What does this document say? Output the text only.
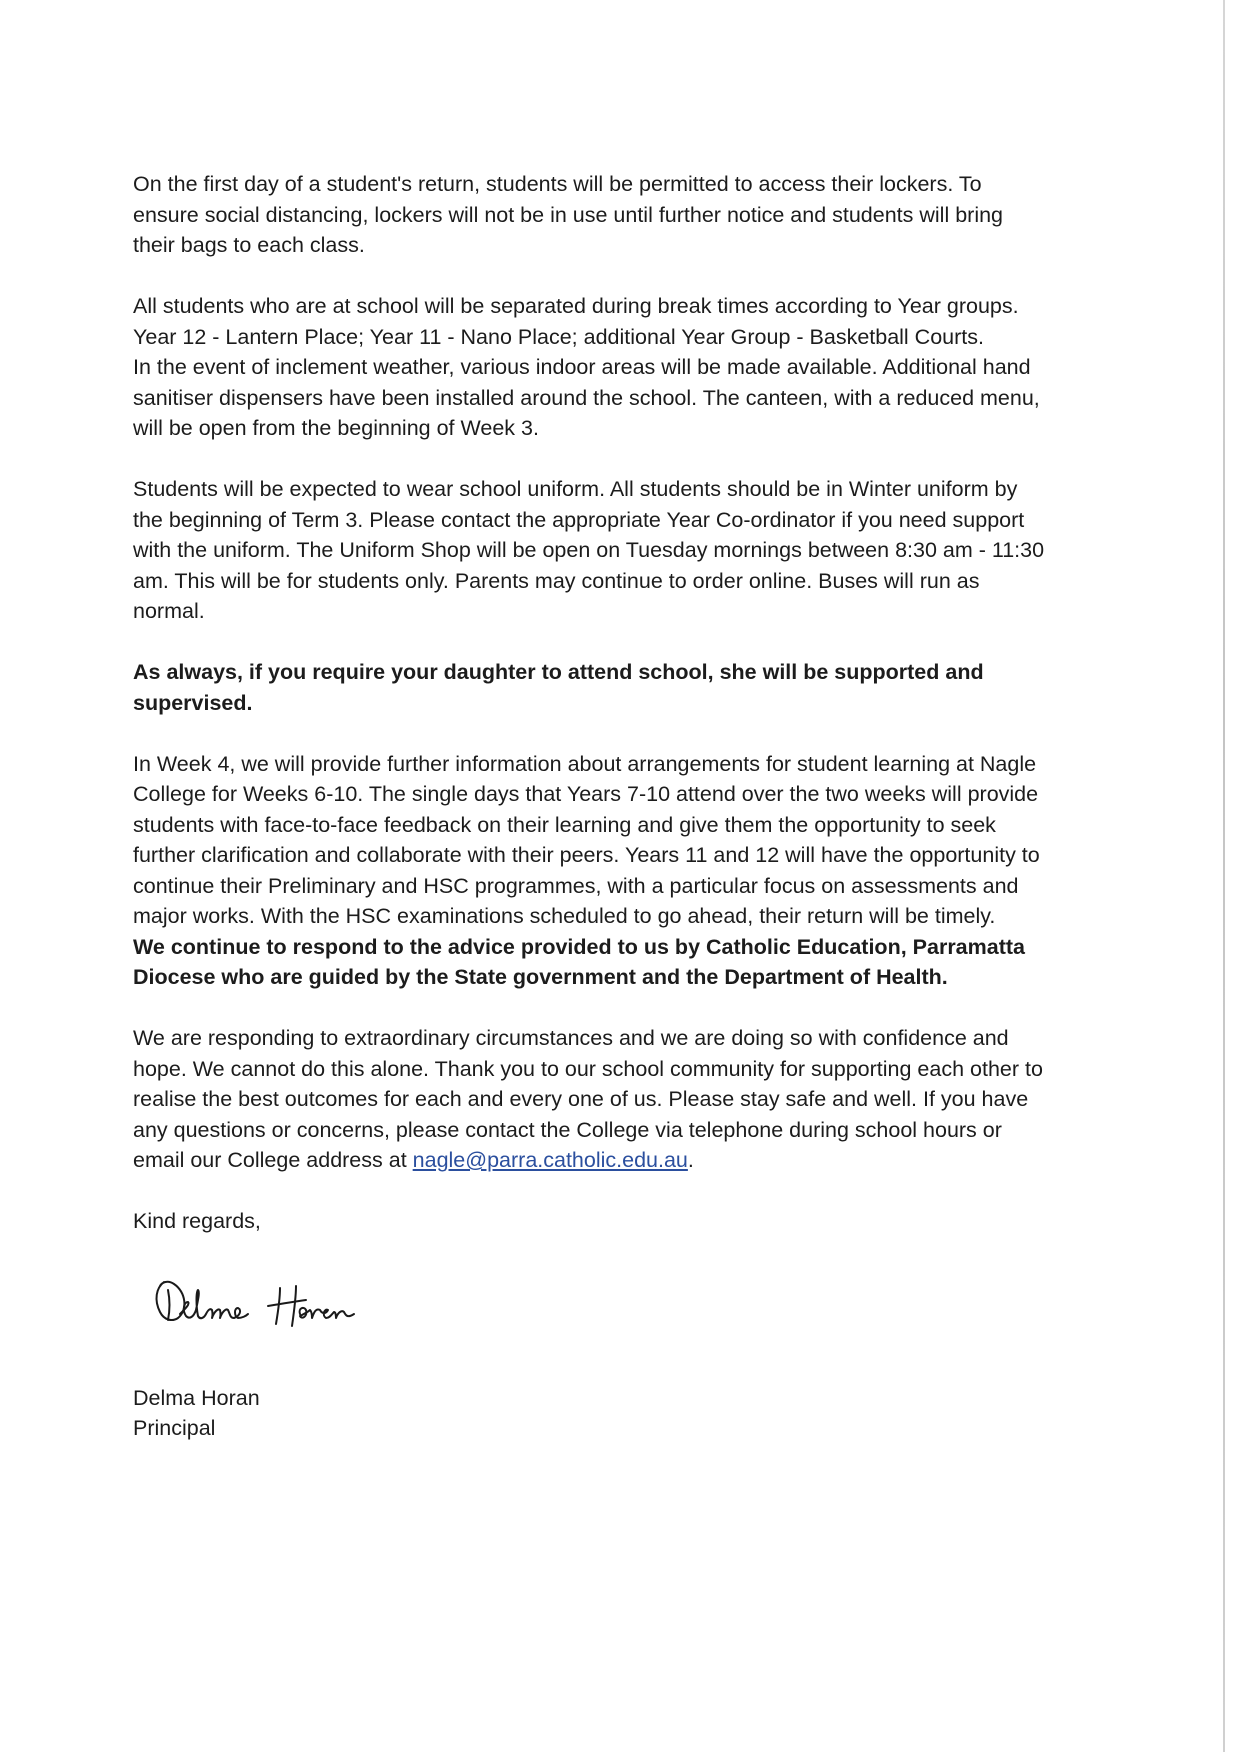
On the first day of a student's return, students will be permitted to access their lockers. To
ensure social distancing, lockers will not be in use until further notice and students will bring
their bags to each class.

All students who are at school will be separated during break times according to Year groups.
Year 12 - Lantern Place; Year 11 - Nano Place; additional Year Group - Basketball Courts.
In the event of inclement weather, various indoor areas will be made available. Additional hand
sanitiser dispensers have been installed around the school. The canteen, with a reduced menu,
will be open from the beginning of Week 3.

Students will be expected to wear school uniform. All students should be in Winter uniform by
the beginning of Term 3. Please contact the appropriate Year Co-ordinator if you need support
with the uniform. The Uniform Shop will be open on Tuesday mornings between 8:30 am - 11:30
am. This will be for students only. Parents may continue to order online. Buses will run as
normal.

As always, if you require your daughter to attend school, she will be supported and
supervised.

In Week 4, we will provide further information about arrangements for student learning at Nagle
College for Weeks 6-10. The single days that Years 7-10 attend over the two weeks will provide
students with face-to-face feedback on their learning and give them the opportunity to seek
further clarification and collaborate with their peers. Years 11 and 12 will have the opportunity to
continue their Preliminary and HSC programmes, with a particular focus on assessments and
major works. With the HSC examinations scheduled to go ahead, their return will be timely.
We continue to respond to the advice provided to us by Catholic Education, Parramatta
Diocese who are guided by the State government and the Department of Health.

We are responding to extraordinary circumstances and we are doing so with confidence and
hope. We cannot do this alone. Thank you to our school community for supporting each other to
realise the best outcomes for each and every one of us. Please stay safe and well. If you have
any questions or concerns, please contact the College via telephone during school hours or
email our College address at nagle@parra.catholic.edu.au.

Kind regards,

Delma Horan
Delma Horan
Principal
